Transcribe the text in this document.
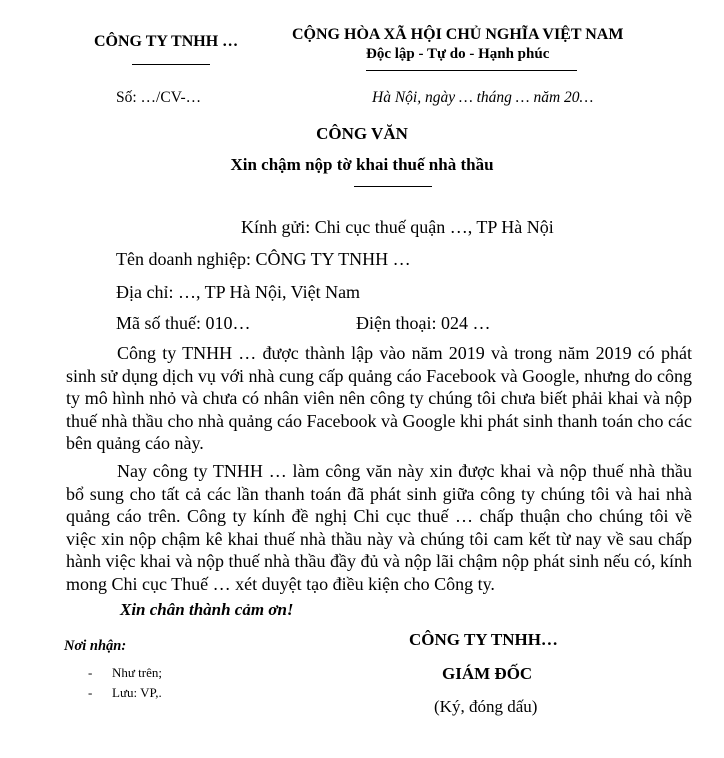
CÔNG TY TNHH …	CỘNG HÒA XÃ HỘI CHỦ NGHĨA VIỆT NAM
Độc lập - Tự do - Hạnh phúc
Số: …/CV-…	Hà Nội, ngày … tháng … năm 20…
CÔNG VĂN
Xin chậm nộp tờ khai thuế nhà thầu
Kính gửi: Chi cục thuế quận …, TP Hà Nội
Tên doanh nghiệp: CÔNG TY TNHH …
Địa chỉ: …, TP Hà Nội, Việt Nam
Mã số thuế: 010…	Điện thoại: 024 …
Công ty TNHH … được thành lập vào năm 2019 và trong năm 2019 có phát sinh sử dụng dịch vụ với nhà cung cấp quảng cáo Facebook và Google, nhưng do công ty mô hình nhỏ và chưa có nhân viên nên công ty chúng tôi chưa biết phải khai và nộp thuế nhà thầu cho nhà quảng cáo Facebook và Google khi phát sinh thanh toán cho các bên quảng cáo này.
Nay công ty TNHH … làm công văn này xin được khai và nộp thuế nhà thầu bổ sung cho tất cả các lần thanh toán đã phát sinh giữa công ty chúng tôi và hai nhà quảng cáo trên. Công ty kính đề nghị Chi cục thuế … chấp thuận cho chúng tôi về việc xin nộp chậm kê khai thuế nhà thầu này và chúng tôi cam kết từ nay về sau chấp hành việc khai và nộp thuế nhà thầu đầy đủ và nộp lãi chậm nộp phát sinh nếu có, kính mong Chi cục Thuế … xét duyệt tạo điều kiện cho Công ty.
Xin chân thành cảm ơn!
Nơi nhận:
- Như trên;
- Lưu: VP,.
CÔNG TY TNHH…
GIÁM ĐỐC
(Ký, đóng dấu)
